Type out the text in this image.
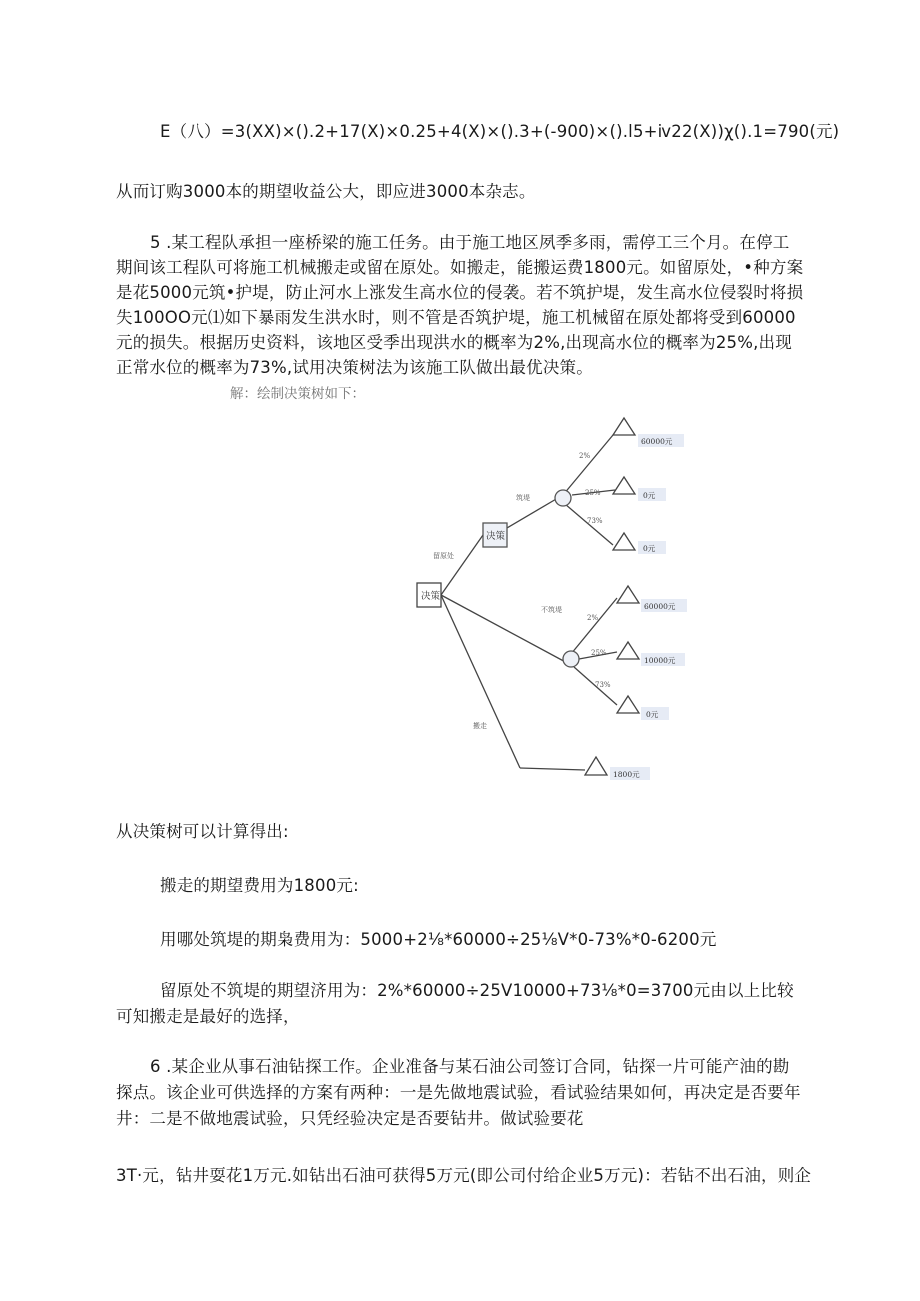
E（八）=3(XX)×().2+17(X)×0.25+4(X)×().3+(-900)×().l5+ⅳ22(X))χ().1=790(元)
从而订购3000本的期望收益公大，即应进3000本杂志。
5 .某工程队承担一座桥梁的施工任务。由于施工地区夙季多雨，需停工三个月。在停工期间该工程队可将施工机械搬走或留在原处。如搬走，能搬运费1800元。如留原处，•种方案是花5000元筑•护堤，防止河水上涨发生高水位的侵袭。若不筑护堤，发生高水位侵裂时将损失100OO元⑴如下暴雨发生洪水时，则不管是否筑护堤，施工机械留在原处都将受到60000元的损失。根据历史资料，该地区受季出现洪水的概率为2%,出现高水位的概率为25%,出现正常水位的概率为73%,试用决策树法为该施工队做出最优决策。
解：绘制决策树如下：
决策
决策
60000元
0元
0元
60000元
10000元
0元
1800元
留原处
筑堤
不筑堤
搬走
2%
25%
73%
2%
25%
73%
从决策树可以计算得出:
搬走的期望费用为1800元:
用哪处筑堤的期枭费用为：5000+2⅛*60000÷25⅛V*0-73%*0-6200元
留原处不筑堤的期望济用为：2%*60000÷25V10000+73⅛*0=3700元由以上比较可知搬走是最好的选择，
6 .某企业从事石油钻探工作。企业准备与某石油公司签订合同，钻探一片可能产油的勘探点。该企业可供选择的方案有两种：一是先做地震试验，看试验结果如何，再决定是否要年井：二是不做地震试验，只凭经验决定是否要钻井。做试验要花
3T·元，钻井耍花1万元.如钻出石油可获得5万元(即公司付给企业5万元)：若钻不出石油，则企
